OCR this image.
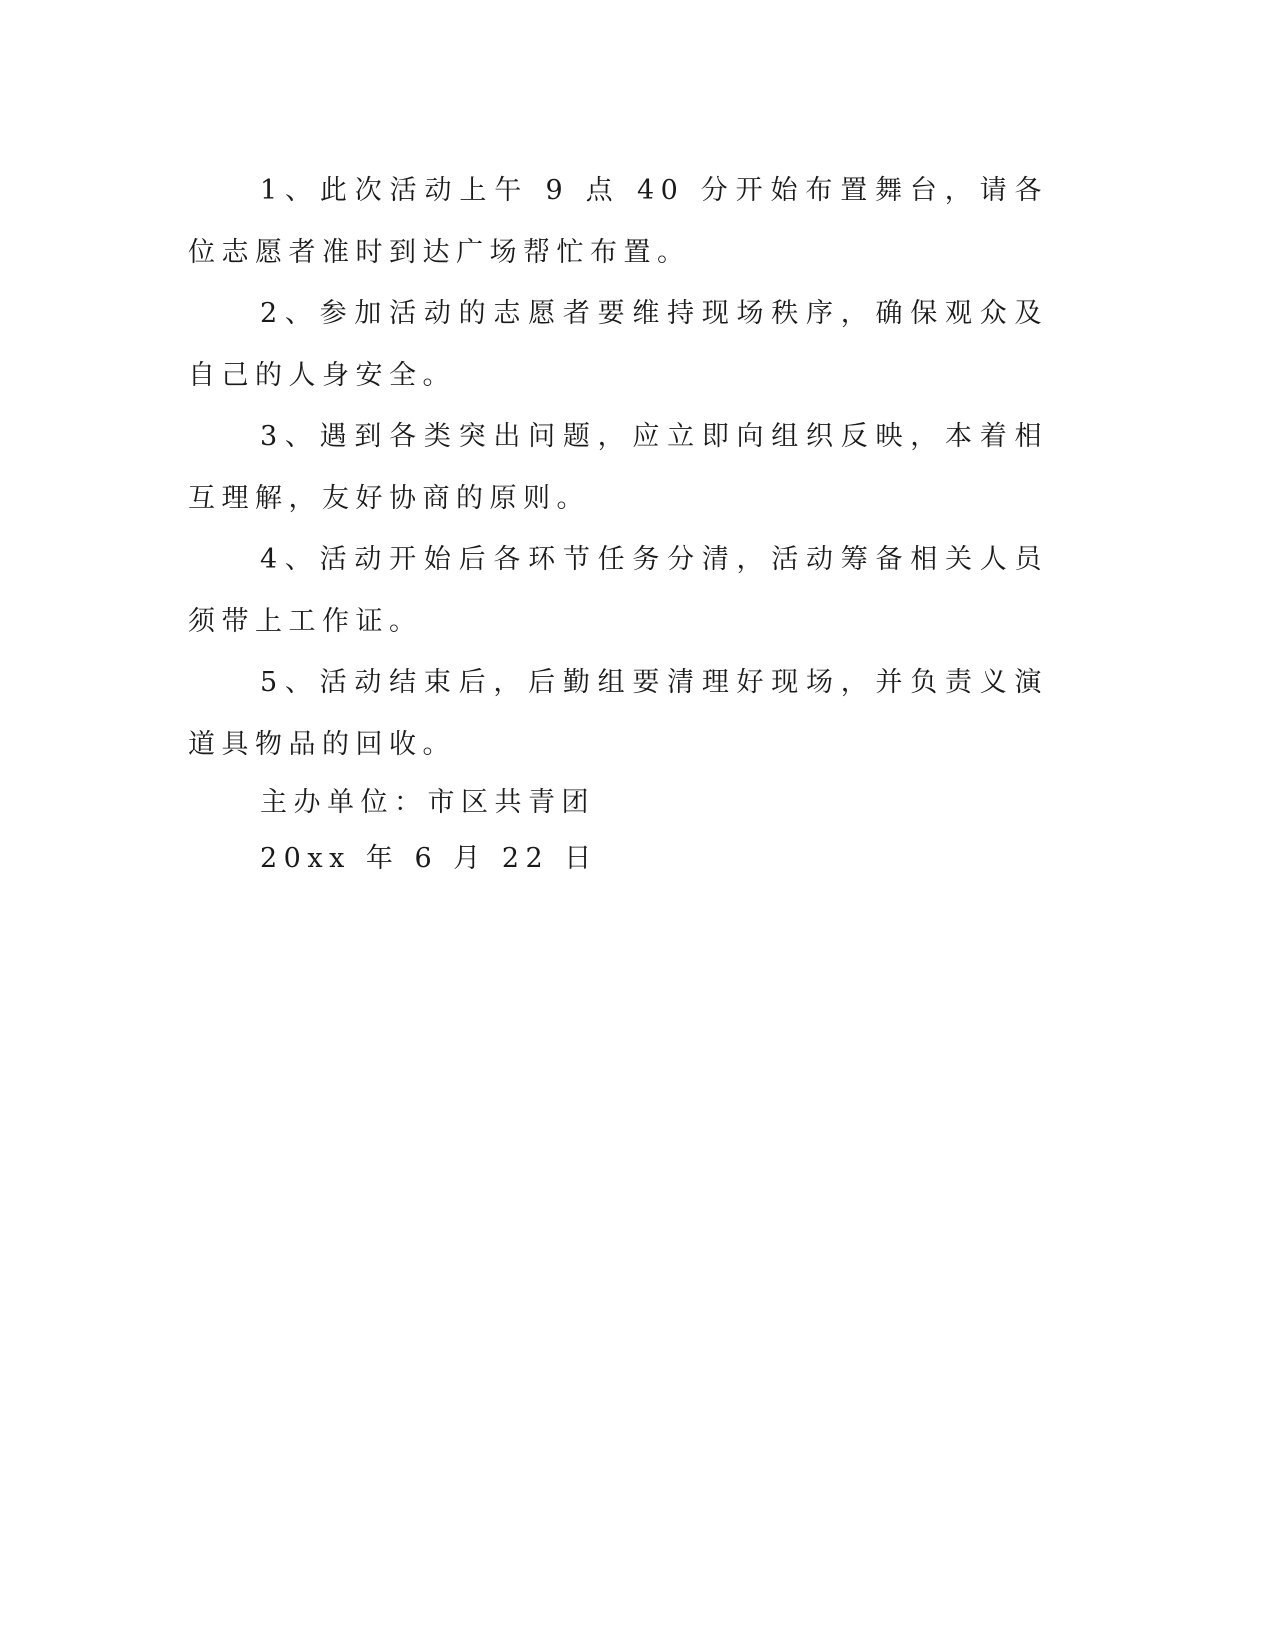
1、此次活动上午 9 点 40 分开始布置舞台，请各位志愿者准时到达广场帮忙布置。

2、参加活动的志愿者要维持现场秩序，确保观众及自己的人身安全。

3、遇到各类突出问题，应立即向组织反映，本着相互理解，友好协商的原则。

4、活动开始后各环节任务分清，活动筹备相关人员须带上工作证。

5、活动结束后，后勤组要清理好现场，并负责义演道具物品的回收。

主办单位：市区共青团

20xx 年 6 月 22 日
